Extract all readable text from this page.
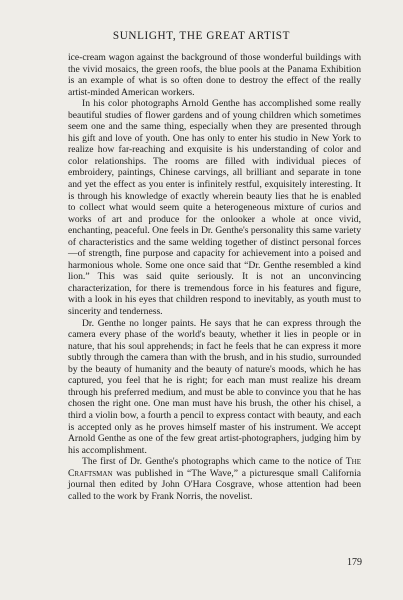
SUNLIGHT, THE GREAT ARTIST

ice-cream wagon against the background of those wonderful buildings with the vivid mosaics, the green roofs, the blue pools at the Panama Exhibition is an example of what is so often done to destroy the effect of the really artist-minded American workers.

In his color photographs Arnold Genthe has accomplished some really beautiful studies of flower gardens and of young children which sometimes seem one and the same thing, especially when they are presented through his gift and love of youth. One has only to enter his studio in New York to realize how far-reaching and exquisite is his understanding of color and color relationships. The rooms are filled with individual pieces of embroidery, paintings, Chinese carvings, all brilliant and separate in tone and yet the effect as you enter is infinitely restful, exquisitely interesting. It is through his knowledge of exactly wherein beauty lies that he is enabled to collect what would seem quite a heterogeneous mixture of curios and works of art and produce for the onlooker a whole at once vivid, enchanting, peaceful. One feels in Dr. Genthe's personality this same variety of characteristics and the same welding together of distinct personal forces—of strength, fine purpose and capacity for achievement into a poised and harmonious whole. Some one once said that “Dr. Genthe resembled a kind lion.” This was said quite seriously. It is not an unconvincing characterization, for there is tremendous force in his features and figure, with a look in his eyes that children respond to inevitably, as youth must to sincerity and tenderness.

Dr. Genthe no longer paints. He says that he can express through the camera every phase of the world's beauty, whether it lies in people or in nature, that his soul apprehends; in fact he feels that he can express it more subtly through the camera than with the brush, and in his studio, surrounded by the beauty of humanity and the beauty of nature's moods, which he has captured, you feel that he is right; for each man must realize his dream through his preferred medium, and must be able to convince you that he has chosen the right one. One man must have his brush, the other his chisel, a third a violin bow, a fourth a pencil to express contact with beauty, and each is accepted only as he proves himself master of his instrument. We accept Arnold Genthe as one of the few great artist-photographers, judging him by his accomplishment.

The first of Dr. Genthe's photographs which came to the notice of The Craftsman was published in “The Wave,” a picturesque small California journal then edited by John O'Hara Cosgrave, whose attention had been called to the work by Frank Norris, the novelist.

179
